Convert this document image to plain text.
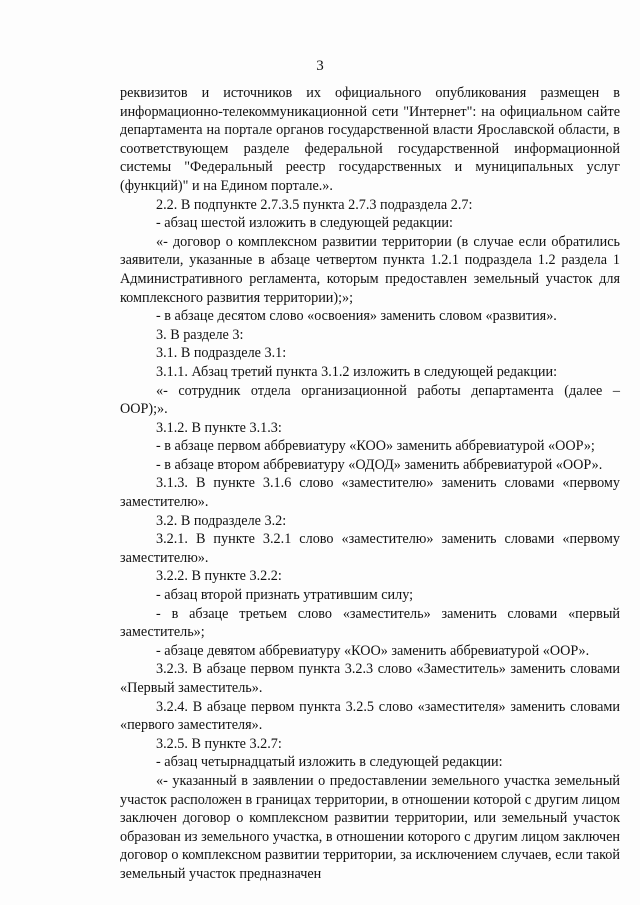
3

реквизитов и источников их официального опубликования размещен в информационно-телекоммуникационной сети "Интернет": на официальном сайте департамента на портале органов государственной власти Ярославской области, в соответствующем разделе федеральной государственной информационной системы "Федеральный реестр государственных и муниципальных услуг (функций)" и на Едином портале.».

2.2. В подпункте 2.7.3.5 пункта 2.7.3 подраздела 2.7:

- абзац шестой изложить в следующей редакции:

«- договор о комплексном развитии территории (в случае если обратились заявители, указанные в абзаце четвертом пункта 1.2.1 подраздела 1.2 раздела 1 Административного регламента, которым предоставлен земельный участок для комплексного развития территории);»;

- в абзаце десятом слово «освоения» заменить словом «развития».

3. В разделе 3:

3.1. В подразделе 3.1:

3.1.1. Абзац третий пункта 3.1.2 изложить в следующей редакции:

«- сотрудник отдела организационной работы департамента (далее – ООР);».

3.1.2. В пункте 3.1.3:

- в абзаце первом аббревиатуру «КОО» заменить аббревиатурой «ООР»;

- в абзаце втором аббревиатуру «ОДОД» заменить аббревиатурой «ООР».

3.1.3. В пункте 3.1.6 слово «заместителю» заменить словами «первому заместителю».

3.2. В подразделе 3.2:

3.2.1. В пункте 3.2.1 слово «заместителю» заменить словами «первому заместителю».

3.2.2. В пункте 3.2.2:

- абзац второй признать утратившим силу;

- в абзаце третьем слово «заместитель» заменить словами «первый заместитель»;

- абзаце девятом аббревиатуру «КОО» заменить аббревиатурой «ООР».

3.2.3. В абзаце первом пункта 3.2.3 слово «Заместитель» заменить словами «Первый заместитель».

3.2.4. В абзаце первом пункта 3.2.5 слово «заместителя» заменить словами «первого заместителя».

3.2.5. В пункте 3.2.7:

- абзац четырнадцатый изложить в следующей редакции:

«- указанный в заявлении о предоставлении земельного участка земельный участок расположен в границах территории, в отношении которой с другим лицом заключен договор о комплексном развитии территории, или земельный участок образован из земельного участка, в отношении которого с другим лицом заключен договор о комплексном развитии территории, за исключением случаев, если такой земельный участок предназначен
